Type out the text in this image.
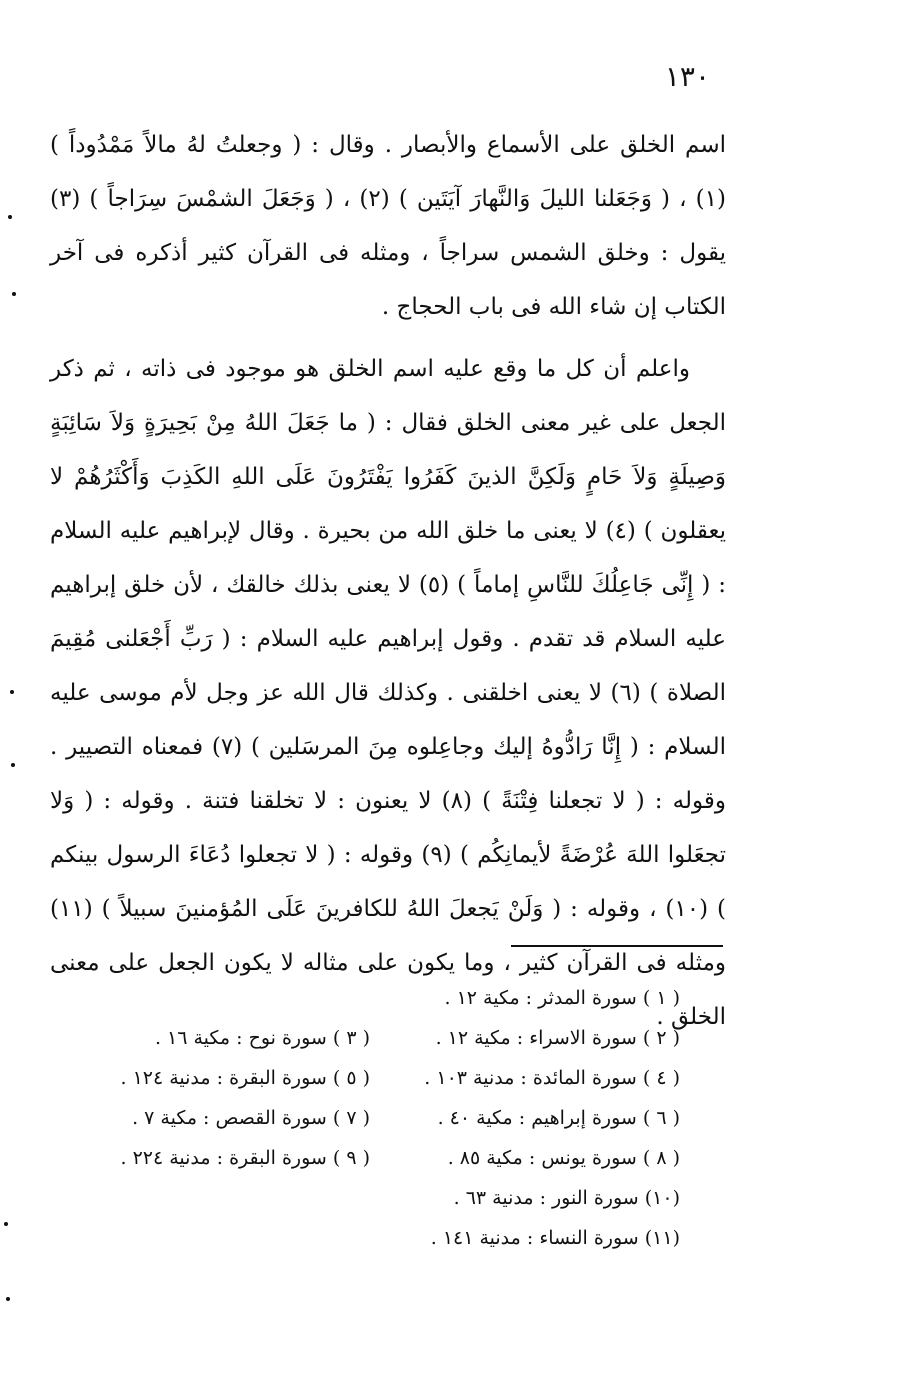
١٣٠

اسم الخلق على الأسماع والأبصار . وقال : ( وجعلتُ لهُ مالاً مَمْدُوداً ) (١) ، ( وَجَعَلنا الليلَ وَالنَّهارَ آيَتَين ) (٢) ، ( وَجَعَلَ الشمْسَ سِرَاجاً ) (٣) يقول : وخلق الشمس سراجاً ، ومثله فى القرآن كثير أذكره فى آخر الكتاب إن شاء الله فى باب الحجاج .

واعلم أن كل ما وقع عليه اسم الخلق هو موجود فى ذاته ، ثم ذكر الجعل على غير معنى الخلق فقال : ( ما جَعَلَ اللهُ مِنْ بَحِيرَةٍ وَلاَ سَائِبَةٍ وَصِيلَةٍ وَلاَ حَامٍ وَلَكِنَّ الذينَ كَفَرُوا يَفْتَرُونَ عَلَى اللهِ الكَذِبَ وَأَكْثَرُهُمْ لا يعقلون ) (٤) لا يعنى ما خلق الله من بحيرة . وقال لإبراهيم عليه السلام : ( إِنِّى جَاعِلُكَ للنَّاسِ إماماً ) (٥) لا يعنى بذلك خالقك ، لأن خلق إبراهيم عليه السلام قد تقدم . وقول إبراهيم عليه السلام : ( رَبِّ أَجْعَلنى مُقِيمَ الصلاة ) (٦) لا يعنى اخلقنى . وكذلك قال الله عز وجل لأم موسى عليه السلام : ( إِنَّا رَادُّوهُ إليك وجاعِلوه مِنَ المرسَلين ) (٧) فمعناه التصيير . وقوله : ( لا تجعلنا فِتْنَةً ) (٨) لا يعنون : لا تخلقنا فتنة . وقوله : ( وَلا تجعَلوا اللهَ عُرْضَةً لأيمانِكُم ) (٩) وقوله : ( لا تجعلوا دُعَاءَ الرسول بينكم ) (١٠) ، وقوله : ( وَلَنْ يَجعلَ اللهُ للكافرينَ عَلَى المُؤمنينَ سبيلاً ) (١١) ومثله فى القرآن كثير ، وما يكون على مثاله لا يكون الجعل على معنى الخلق .

( ١ ) سورة المدثر : مكية ١٢ .
( ٢ ) سورة الاسراء : مكية ١٢ .
( ٣ ) سورة نوح : مكية ١٦ .
( ٤ ) سورة المائدة : مدنية ١٠٣ .
( ٥ ) سورة البقرة : مدنية ١٢٤ .
( ٦ ) سورة إبراهيم : مكية ٤٠ .
( ٧ ) سورة القصص : مكية ٧ .
( ٨ ) سورة يونس : مكية ٨٥ .
( ٩ ) سورة البقرة : مدنية ٢٢٤ .
(١٠) سورة النور : مدنية ٦٣ .
(١١) سورة النساء : مدنية ١٤١ .
